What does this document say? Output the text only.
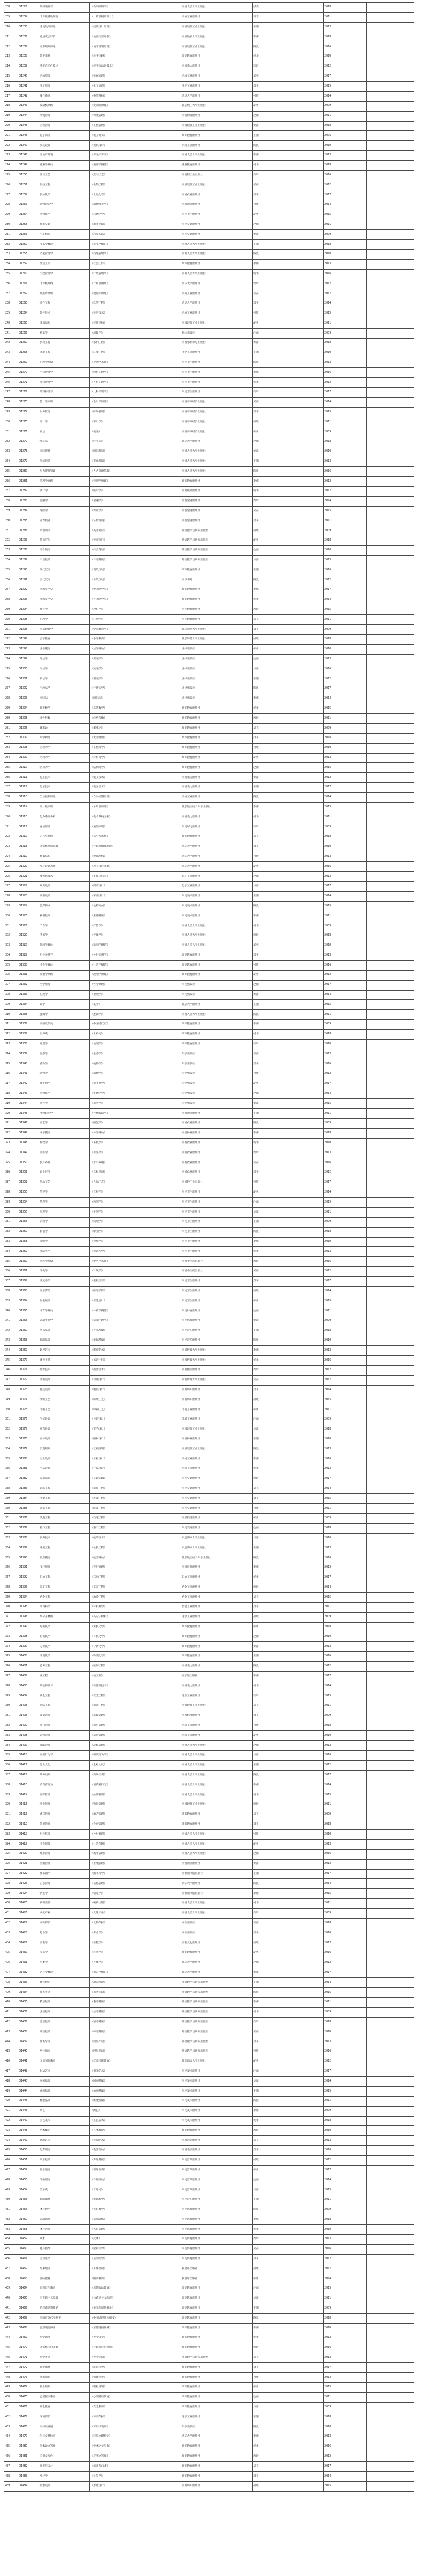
208	01226	新闻编辑学	《新闻编辑学》	中国人民大学出版社	蔡雯	2018	
209	01234	计算机辅助制图	《计算机辅助设计》	机械工业出版社	郭宏	2011	
210	01235	建筑设计原理	《建筑设计原理》	中国建筑工业出版社	王翔	2013	
211	01236	地质灾害评价	《地质灾害评价》	中国地质大学出版社	李伟	2018	
212	01237	城市规划原理	《城市规划原理》	中国建筑工业出版社	陈凯	2016	
213	01238	数字电路	《数字电路》	高等教育出版社	杨华	2010	
214	01239	楼宇自动化技术	《楼宇自动化技术》	中国电力出版社	周玲	2012	
215	01240	机械原理	《机械原理》	机械工业出版社	吴亮	2017	
216	01241	化工原理	《化工原理》	化学工业出版社	郑平	2015	
217	01242	操作系统	《操作系统》	清华大学出版社	孙敏	2014	
218	01243	发动机原理	《发动机原理》	北京理工大学出版社	胡勇	2009	
219	01244	物流管理	《物流管理》	中国物资出版社	赵丽	2011	
220	01245	工程管理	《工程管理》	中国建筑工业出版社	刘洋	2018	
221	01246	电子商务	《电子商务》	高等教育出版社	王翔	2006	
222	01247	模具设计	《模具设计》	机械工业出版社	陈凯	2010	
223	01248	房地产开发	《房地产开发》	中国人民大学出版社	李伟	2013	
224	01249	旅游学概论	《旅游学概论》	旅游教育出版社	杨华	2018	
225	01250	烹饪工艺	《烹饪工艺》	中国轻工业出版社	周玲	2016	
226	01251	供热工程	《供热工程》	中国建筑工业出版社	吴亮	2012	
227	01252	食品化学	《食品化学》	中国农业出版社	郑平	2017	
228	01253	动物营养学	《动物营养学》	中国农业出版社	孙敏	2014	
229	01254	药物化学	《药物化学》	人民卫生出版社	胡勇	2015	
230	01255	城市交通	《城市交通》	人民交通出版社	赵丽	2011	
231	01256	汽车构造	《汽车构造》	人民交通出版社	刘洋	2009	
232	01257	秘书学概论	《秘书学概论》	中国人民大学出版社	王翔	2018	
233	01258	档案管理学	《档案管理学》	中国人民大学出版社	陈凯	2010	
234	01259	社会工作	《社会工作》	高等教育出版社	李伟	2013	
235	01260	行政管理学	《行政管理学》	中国人民大学出版社	杨华	2016	
236	01261	计算机网络	《计算机网络》	清华大学出版社	周玲	2012	
237	01262	数据库原理	《数据库原理》	机械工业出版社	吴亮	2017	
238	01263	软件工程	《软件工程》	清华大学出版社	郑平	2014	
239	01264	数控技术	《数控技术》	机械工业出版社	孙敏	2015	
240	01265	建筑结构	《建筑结构》	中国建筑工业出版社	胡勇	2011	
241	01266	测量学	《测量学》	测绘出版社	赵丽	2009	
242	01267	水利工程	《水利工程》	中国水利水电出版社	刘洋	2018	
243	01268	环境工程	《环境工程》	化学工业出版社	王翔	2010	
244	01269	护理学基础	《护理学基础》	人民卫生出版社	陈凯	2013	
245	01270	内科护理学	《内科护理学》	人民卫生出版社	李伟	2016	
246	01271	外科护理学	《外科护理学》	人民卫生出版社	杨华	2012	
247	01272	儿科护理学	《儿科护理学》	人民卫生出版社	周玲	2017	
248	01273	会计学原理	《会计学原理》	中国财政经济出版社	吴亮	2014	
249	01274	财务管理	《财务管理》	中国财政经济出版社	郑平	2015	
250	01275	审计学	《审计学》	中国财政经济出版社	孙敏	2011	
251	01276	税法	《税法》	中国财政经济出版社	胡勇	2009	
252	01277	经济法	《经济法》	北京大学出版社	赵丽	2018	
253	01278	国际贸易	《国际贸易》	中国人民大学出版社	刘洋	2010	
254	01279	市场营销	《市场营销》	中国人民大学出版社	王翔	2013	
255	01280	人力资源管理	《人力资源管理》	中国人民大学出版社	陈凯	2016	
256	01281	管理学原理	《管理学原理》	高等教育出版社	李伟	2012	
257	01282	统计学	《统计学》	中国统计出版社	杨华	2017	
258	01283	金融学	《金融学》	中国金融出版社	周玲	2014	
259	01284	保险学	《保险学》	中国金融出版社	吴亮	2015	
260	01285	证券投资	《证券投资》	中国金融出版社	郑平	2011	
261	01286	英语阅读	《英语阅读》	外语教学与研究出版社	孙敏	2009	
262	01287	英语写作	《英语写作》	外语教学与研究出版社	胡勇	2018	
263	01288	综合英语	《综合英语》	外语教学与研究出版社	赵丽	2010	
264	01289	日语基础	《日语基础》	外语教学与研究出版社	刘洋	2013	
265	01290	现代汉语	《现代汉语》	高等教育出版社	王翔	2016	
266	01291	古代汉语	《古代汉语》	中华书局	陈凯	2012	
267	01292	中国文学史	《中国文学史》	高等教育出版社	李伟	2017	
268	01293	外国文学史	《外国文学史》	高等教育出版社	杨华	2014	
269	01294	教育学	《教育学》	人民教育出版社	周玲	2015	
270	01295	心理学	《心理学》	人民教育出版社	吴亮	2011	
271	01296	学前教育学	《学前教育学》	北京师范大学出版社	郑平	2009	
272	01297	小学教育	《小学教育》	北京师范大学出版社	孙敏	2018	
273	01298	法学概论	《法学概论》	法律出版社	胡勇	2010	
274	01299	宪法学	《宪法学》	法律出版社	赵丽	2013	
275	01300	民法学	《民法学》	法律出版社	刘洋	2016	
276	01301	刑法学	《刑法学》	法律出版社	王翔	2012	
277	01302	行政法学	《行政法学》	法律出版社	陈凯	2017	
278	01303	国际法	《国际法》	法律出版社	李伟	2014	
279	01304	高等数学	《高等数学》	高等教育出版社	杨华	2015	
280	01305	线性代数	《线性代数》	高等教育出版社	周玲	2011	
281	01306	概率论	《概率论》	高等教育出版社	吴亮	2009	
282	01307	大学物理	《大学物理》	高等教育出版社	郑平	2018	
283	01308	工程力学	《工程力学》	高等教育出版社	孙敏	2010	
284	01309	材料力学	《材料力学》	高等教育出版社	胡勇	2013	
285	01310	结构力学	《结构力学》	高等教育出版社	赵丽	2016	
286	01311	电工技术	《电工技术》	中国电力出版社	刘洋	2012	
287	01312	电子技术	《电子技术》	中国电力出版社	王翔	2017	
288	01313	自动控制原理	《自动控制原理》	机械工业出版社	陈凯	2014	
289	01314	单片机原理	《单片机原理》	北京航空航天大学出版社	李伟	2015	
290	01315	电力系统分析	《电力系统分析》	中国电力出版社	杨华	2011	
291	01316	通信原理	《通信原理》	人民邮电出版社	周玲	2009	
292	01317	信号与系统	《信号与系统》	高等教育出版社	吴亮	2018	
293	01318	计算机组成原理	《计算机组成原理》	清华大学出版社	郑平	2010	
294	01319	数据结构	《数据结构》	清华大学出版社	孙敏	2013	
295	01320	程序设计基础	《程序设计基础》	清华大学出版社	胡勇	2016	
296	01321	多媒体技术	《多媒体技术》	电子工业出版社	赵丽	2012	
297	01322	网页设计	《网页设计》	电子工业出版社	刘洋	2017	
298	01323	平面设计	《平面设计》	人民美术出版社	王翔	2014	
299	01324	色彩构成	《色彩构成》	人民美术出版社	陈凯	2015	
300	01325	素描基础	《素描基础》	人民美术出版社	李伟	2011	
301	01326	广告学	《广告学》	中国人民大学出版社	杨华	2009	
302	01327	传播学	《传播学》	中国人民大学出版社	周玲	2018	
303	01328	新闻学概论	《新闻学概论》	中国人民大学出版社	吴亮	2010	
304	01329	公共关系学	《公共关系学》	高等教育出版社	郑平	2013	
305	01330	社会学概论	《社会学概论》	高等教育出版社	孙敏	2016	
306	01331	政治学原理	《政治学原理》	高等教育出版社	胡勇	2012	
307	01332	哲学原理	《哲学原理》	人民出版社	赵丽	2017	
308	01333	伦理学	《伦理学》	人民出版社	刘洋	2014	
309	01334	美学	《美学》	北京大学出版社	王翔	2015	
310	01335	逻辑学	《逻辑学》	中国人民大学出版社	陈凯	2011	
311	01336	中国近代史	《中国近代史》	高等教育出版社	李伟	2009	
312	01337	世界史	《世界史》	高等教育出版社	杨华	2018	
313	01338	地理学	《地理学》	高等教育出版社	周玲	2010	
314	01339	生态学	《生态学》	科学出版社	吴亮	2013	
315	01340	植物学	《植物学》	科学出版社	郑平	2016	
316	01341	动物学	《动物学》	科学出版社	孙敏	2012	
317	01342	微生物学	《微生物学》	科学出版社	胡勇	2017	
318	01343	生物化学	《生物化学》	科学出版社	赵丽	2014	
319	01344	遗传学	《遗传学》	科学出版社	刘洋	2015	
320	01345	作物栽培学	《作物栽培学》	中国农业出版社	王翔	2011	
321	01346	园艺学	《园艺学》	中国农业出版社	陈凯	2009	
322	01347	林学概论	《林学概论》	中国林业出版社	李伟	2018	
323	01348	畜牧学	《畜牧学》	中国农业出版社	杨华	2010	
324	01349	兽医学	《兽医学》	中国农业出版社	周玲	2013	
325	01350	水产养殖	《水产养殖》	中国农业出版社	吴亮	2016	
326	01351	农业经济	《农业经济》	中国农业出版社	郑平	2012	
327	01352	食品工艺	《食品工艺》	中国轻工业出版社	孙敏	2017	
328	01353	营养学	《营养学》	人民卫生出版社	胡勇	2014	
329	01354	药理学	《药理学》	人民卫生出版社	赵丽	2015	
330	01355	生理学	《生理学》	人民卫生出版社	刘洋	2011	
331	01356	病理学	《病理学》	人民卫生出版社	王翔	2009	
332	01357	解剖学	《解剖学》	人民卫生出版社	陈凯	2018	
333	01358	诊断学	《诊断学》	人民卫生出版社	李伟	2010	
334	01359	预防医学	《预防医学》	人民卫生出版社	杨华	2013	
335	01360	中医学基础	《中医学基础》	中国中医药出版社	周玲	2016	
336	01361	针灸学	《针灸学》	中国中医药出版社	吴亮	2012	
337	01362	康复医学	《康复医学》	人民卫生出版社	郑平	2017	
338	01363	医学影像	《医学影像》	人民卫生出版社	孙敏	2014	
339	01364	卫生统计	《卫生统计》	人民卫生出版社	胡勇	2015	
340	01365	体育学概论	《体育学概论》	人民体育出版社	赵丽	2011	
341	01366	运动生理学	《运动生理学》	人民体育出版社	刘洋	2009	
342	01367	音乐基础	《音乐基础》	人民音乐出版社	王翔	2018	
343	01368	舞蹈基础	《舞蹈基础》	人民音乐出版社	陈凯	2010	
344	01369	影视艺术	《影视艺术》	中国传媒大学出版社	李伟	2013	
345	01370	播音主持	《播音主持》	中国传媒大学出版社	杨华	2016	
346	01371	摄影技术	《摄影技术》	中国摄影出版社	周玲	2012	
347	01372	动画设计	《动画设计》	中国传媒大学出版社	吴亮	2017	
348	01373	服装设计	《服装设计》	中国纺织出版社	郑平	2014	
349	01374	纺织工艺	《纺织工艺》	中国纺织出版社	孙敏	2015	
350	01375	印刷工艺	《印刷工艺》	印刷工业出版社	胡勇	2011	
351	01376	包装设计	《包装设计》	印刷工业出版社	赵丽	2009	
352	01377	室内设计	《室内设计》	中国建筑工业出版社	刘洋	2018	
353	01378	园林设计	《园林设计》	中国林业出版社	王翔	2010	
354	01379	景观规划	《景观规划》	中国建筑工业出版社	陈凯	2013	
355	01380	工业设计	《工业设计》	机械工业出版社	李伟	2016	
356	01381	产品设计	《产品设计》	机械工业出版社	杨华	2012	
357	01382	交通运输	《交通运输》	人民交通出版社	周玲	2017	
358	01383	道路工程	《道路工程》	人民交通出版社	吴亮	2014	
359	01384	桥梁工程	《桥梁工程》	人民交通出版社	郑平	2015	
360	01385	隧道工程	《隧道工程》	人民交通出版社	孙敏	2011	
361	01386	铁道工程	《铁道工程》	中国铁道出版社	胡勇	2009	
362	01387	港口工程	《港口工程》	人民交通出版社	赵丽	2018	
363	01388	航海技术	《航海技术》	大连海事大学出版社	刘洋	2010	
364	01389	轮机工程	《轮机工程》	大连海事大学出版社	王翔	2013	
365	01390	航空概论	《航空概论》	北京航空航天大学出版社	陈凯	2016	
366	01391	飞行原理	《飞行原理》	中国民航出版社	李伟	2012	
367	01392	石油工程	《石油工程》	石油工业出版社	杨华	2017	
368	01393	采矿工程	《采矿工程》	冶金工业出版社	周玲	2014	
369	01394	冶金工程	《冶金工程》	冶金工业出版社	吴亮	2015	
370	01395	材料科学	《材料科学》	冶金工业出版社	郑平	2011	
371	01396	高分子材料	《高分子材料》	化学工业出版社	孙敏	2009	
372	01397	无机化学	《无机化学》	高等教育出版社	胡勇	2018	
373	01398	有机化学	《有机化学》	高等教育出版社	赵丽	2010	
374	01399	分析化学	《分析化学》	高等教育出版社	刘洋	2013	
375	01400	物理化学	《物理化学》	高等教育出版社	王翔	2016	
376	01401	能源工程	《能源工程》	中国电力出版社	陈凯	2012	
377	01402	核工程	《核工程》	原子能出版社	李伟	2017	
378	01403	新能源技术	《新能源技术》	中国电力出版社	杨华	2014	
379	01404	安全工程	《安全工程》	化学工业出版社	周玲	2015	
380	01405	消防工程	《消防工程》	中国建筑工业出版社	吴亮	2011	
381	01406	质量管理	《质量管理》	中国标准出版社	郑平	2009	
382	01407	项目管理	《项目管理》	机械工业出版社	孙敏	2018	
383	01408	运营管理	《运营管理》	机械工业出版社	胡勇	2010	
384	01409	战略管理	《战略管理》	中国人民大学出版社	赵丽	2013	
385	01410	组织行为学	《组织行为学》	中国人民大学出版社	刘洋	2016	
386	01411	企业文化	《企业文化》	中国人民大学出版社	王翔	2012	
387	01412	商务谈判	《商务谈判》	中国人民大学出版社	陈凯	2017	
388	01413	消费者行为	《消费者行为》	中国人民大学出版社	李伟	2014	
389	01414	品牌管理	《品牌管理》	中国人民大学出版社	杨华	2015	
390	01415	物业管理	《物业管理》	中国建筑工业出版社	周玲	2011	
391	01416	酒店管理	《酒店管理》	旅游教育出版社	吴亮	2009	
392	01417	会展管理	《会展管理》	旅游教育出版社	郑平	2018	
393	01418	公共管理	《公共管理》	中国人民大学出版社	孙敏	2010	
394	01419	社会保障	《社会保障》	中国人民大学出版社	胡勇	2013	
395	01420	城市管理	《城市管理》	中国人民大学出版社	赵丽	2016	
396	01421	土地管理	《土地管理》	中国农业出版社	刘洋	2012	
397	01422	图书馆学	《图书馆学》	国家图书馆出版社	王翔	2017	
398	01423	信息管理	《信息管理》	清华大学出版社	陈凯	2014	
399	01424	情报学	《情报学》	国家图书馆出版社	李伟	2015	
400	01425	编辑出版	《编辑出版》	中国人民大学出版社	杨华	2011	
401	01426	文化产业	《文化产业》	中国人民大学出版社	周玲	2009	
402	01427	文物保护	《文物保护》	文物出版社	吴亮	2018	
403	01428	考古学	《考古学》	文物出版社	郑平	2010	
404	01429	宗教学	《宗教学》	宗教文化出版社	孙敏	2013	
405	01430	民俗学	《民俗学》	高等教育出版社	胡勇	2016	
406	01431	人类学	《人类学》	北京大学出版社	赵丽	2012	
407	01432	语言学概论	《语言学概论》	北京大学出版社	刘洋	2017	
408	01433	翻译理论	《翻译理论》	外语教学与研究出版社	王翔	2014	
409	01434	商务英语	《商务英语》	外语教学与研究出版社	陈凯	2015	
410	01435	俄语基础	《俄语基础》	外语教学与研究出版社	李伟	2011	
411	01436	法语基础	《法语基础》	外语教学与研究出版社	杨华	2009	
412	01437	德语基础	《德语基础》	外语教学与研究出版社	周玲	2018	
413	01438	韩语基础	《韩语基础》	外语教学与研究出版社	吴亮	2010	
414	01439	西班牙语	《西班牙语》	外语教学与研究出版社	郑平	2013	
415	01440	阿拉伯语	《阿拉伯语》	外语教学与研究出版社	孙敏	2016	
416	01441	汉语国际教育	《汉语国际教育》	北京语言大学出版社	胡勇	2012	
417	01442	书法艺术	《书法艺术》	人民美术出版社	赵丽	2017	
418	01443	国画基础	《国画基础》	人民美术出版社	刘洋	2014	
419	01444	油画基础	《油画基础》	人民美术出版社	王翔	2015	
420	01445	雕塑基础	《雕塑基础》	人民美术出版社	陈凯	2011	
421	01446	陶艺	《陶艺》	人民美术出版社	李伟	2009	
422	01447	工艺美术	《工艺美术》	人民美术出版社	杨华	2018	
423	01448	艺术概论	《艺术概论》	高等教育出版社	周玲	2010	
424	01449	戏剧艺术	《戏剧艺术》	中国戏剧出版社	吴亮	2013	
425	01450	电影理论	《电影理论》	中国电影出版社	郑平	2016	
426	01451	声乐基础	《声乐基础》	人民音乐出版社	孙敏	2012	
427	01452	器乐演奏	《器乐演奏》	人民音乐出版社	胡勇	2017	
428	01453	作曲理论	《作曲理论》	人民音乐出版社	赵丽	2014	
429	01454	音乐史	《音乐史》	人民音乐出版社	刘洋	2015	
430	01455	舞蹈编导	《舞蹈编导》	人民音乐出版社	王翔	2011	
431	01456	体育教学	《体育教学》	人民体育出版社	陈凯	2009	
432	01457	运动训练	《运动训练》	人民体育出版社	李伟	2018	
433	01458	体育管理	《体育管理》	人民体育出版社	杨华	2010	
434	01459	武术	《武术》	人民体育出版社	周玲	2013	
435	01460	健身指导	《健身指导》	人民体育出版社	吴亮	2016	
436	01461	运动医学	《运动医学》	人民体育出版社	郑平	2012	
437	01462	军事理论	《军事理论》	解放军出版社	孙敏	2017	
438	01463	国防教育	《国防教育》	解放军出版社	胡勇	2014	
439	01464	思想政治教育	《思想政治教育》	高等教育出版社	赵丽	2015	
440	01465	马克思主义原理	《马克思主义原理》	高等教育出版社	刘洋	2011	
441	01466	毛泽东思想概论	《毛泽东思想概论》	高等教育出版社	王翔	2009	
442	01467	中国近现代史纲要	《中国近现代史纲要》	高等教育出版社	陈凯	2018	
443	01468	思想道德修养	《思想道德修养》	高等教育出版社	李伟	2010	
444	01469	大学语文	《大学语文》	高等教育出版社	杨华	2013	
445	01470	计算机应用基础	《计算机应用基础》	高等教育出版社	周玲	2016	
446	01471	大学英语	《大学英语》	外语教学与研究出版社	吴亮	2012	
447	01472	就业指导	《就业指导》	高等教育出版社	郑平	2017	
448	01473	创新创业	《创新创业》	高等教育出版社	孙敏	2014	
449	01474	职业规划	《职业规划》	高等教育出版社	胡勇	2015	
450	01475	心理健康教育	《心理健康教育》	高等教育出版社	赵丽	2011	
451	01476	安全教育	《安全教育》	高等教育出版社	刘洋	2009	
452	01477	环境保护	《环境保护》	化学工业出版社	王翔	2018	
453	01478	可持续发展	《可持续发展》	科学出版社	陈凯	2010	
454	01479	科技文献检索	《科技文献检索》	清华大学出版社	李伟	2013	
455	01480	学术论文写作	《学术论文写作》	高等教育出版社	杨华	2016	
456	01481	应用文写作	《应用文写作》	高等教育出版社	周玲	2012	
457	01482	演讲与口才	《演讲与口才》	高等教育出版社	吴亮	2017	
458	01483	礼仪学	《礼仪学》	高等教育出版社	郑平	2014	
459	01484	形象设计	《形象设计》	中国纺织出版社	孙敏	2015	
